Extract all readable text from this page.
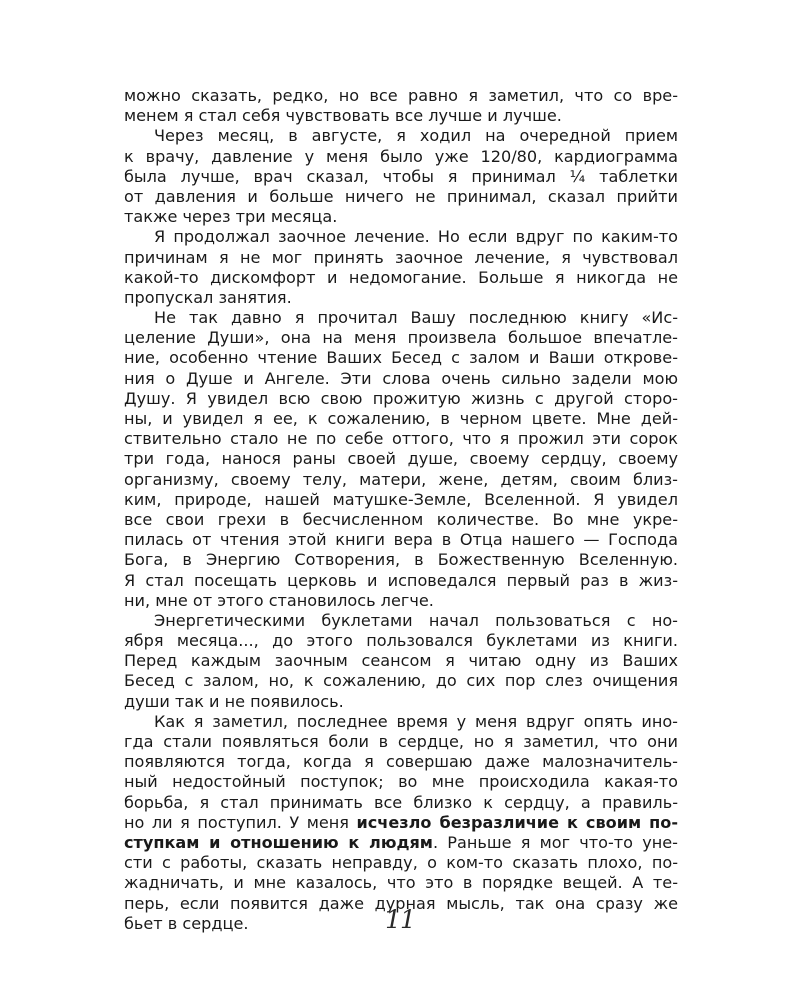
можно сказать, редко, но все равно я заметил, что со вре-
менем я стал себя чувствовать все лучше и лучше.
Через месяц, в августе, я ходил на очередной прием
к врачу, давление у меня было уже 120/80, кардиограмма
была лучше, врач сказал, чтобы я принимал ¼ таблетки
от давления и больше ничего не принимал, сказал прийти
также через три месяца.
Я продолжал заочное лечение. Но если вдруг по каким-то
причинам я не мог принять заочное лечение, я чувствовал
какой-то дискомфорт и недомогание. Больше я никогда не
пропускал занятия.
Не так давно я прочитал Вашу последнюю книгу «Ис-
целение Души», она на меня произвела большое впечатле-
ние, особенно чтение Ваших Бесед с залом и Ваши открове-
ния о Душе и Ангеле. Эти слова очень сильно задели мою
Душу. Я увидел всю свою прожитую жизнь с другой сторо-
ны, и увидел я ее, к сожалению, в черном цвете. Мне дей-
ствительно стало не по себе оттого, что я прожил эти сорок
три года, нанося раны своей душе, своему сердцу, своему
организму, своему телу, матери, жене, детям, своим близ-
ким, природе, нашей матушке-Земле, Вселенной. Я увидел
все свои грехи в бесчисленном количестве. Во мне укре-
пилась от чтения этой книги вера в Отца нашего — Господа
Бога, в Энергию Сотворения, в Божественную Вселенную.
Я стал посещать церковь и исповедался первый раз в жиз-
ни, мне от этого становилось легче.
Энергетическими буклетами начал пользоваться с но-
ября месяца..., до этого пользовался буклетами из книги.
Перед каждым заочным сеансом я читаю одну из Ваших
Бесед с залом, но, к сожалению, до сих пор слез очищения
души так и не появилось.
Как я заметил, последнее время у меня вдруг опять ино-
гда стали появляться боли в сердце, но я заметил, что они
появляются тогда, когда я совершаю даже малозначитель-
ный недостойный поступок; во мне происходила какая-то
борьба, я стал принимать все близко к сердцу, а правиль-
но ли я поступил. У меня исчезло безразличие к своим по-
ступкам и отношению к людям. Раньше я мог что-то уне-
сти с работы, сказать неправду, о ком-то сказать плохо, по-
жадничать, и мне казалось, что это в порядке вещей. А те-
перь, если появится даже дурная мысль, так она сразу же
бьет в сердце.	11
